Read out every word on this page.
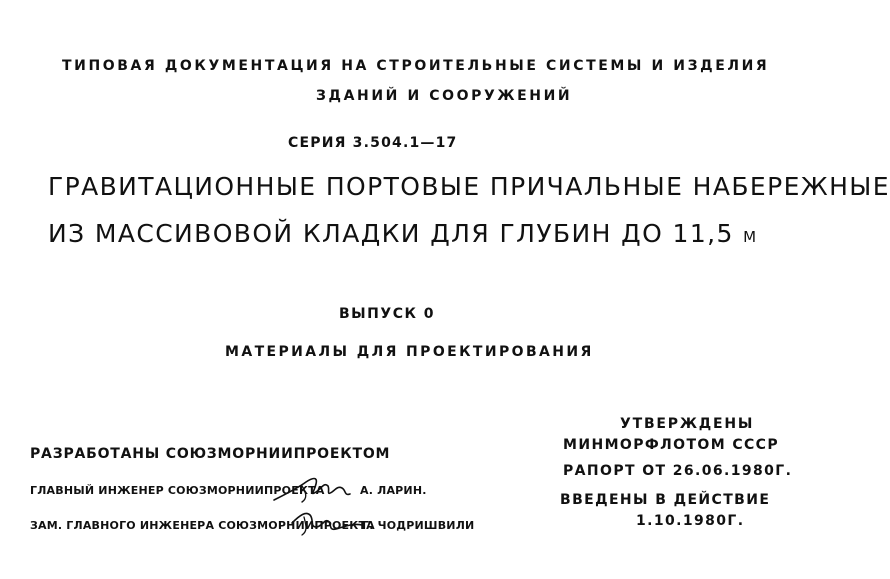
ТИПОВАЯ ДОКУМЕНТАЦИЯ НА СТРОИТЕЛЬНЫЕ СИСТЕМЫ И ИЗДЕЛИЯ
ЗДАНИЙ И СООРУЖЕНИЙ
СЕРИЯ 3.504.1—17
ГРАВИТАЦИОННЫЕ ПОРТОВЫЕ ПРИЧАЛЬНЫЕ НАБЕРЕЖНЫЕ
ИЗ МАССИВОВОЙ КЛАДКИ ДЛЯ ГЛУБИН ДО 11,5 М
ВЫПУСК 0
МАТЕРИАЛЫ ДЛЯ ПРОЕКТИРОВАНИЯ
РАЗРАБОТАНЫ СОЮЗМОРНИИПРОЕКТОМ
ГЛАВНЫЙ ИНЖЕНЕР СОЮЗМОРНИИПРОЕКТА	А. ЛАРИН.
ЗАМ. ГЛАВНОГО ИНЖЕНЕРА СОЮЗМОРНИИПРОЕКТА
Г. ЧОДРИШВИЛИ
УТВЕРЖДЕНЫ
МИНМОРФЛОТОМ СССР
РАПОРТ ОТ 26.06.1980Г.
ВВЕДЕНЫ В ДЕЙСТВИЕ
1.10.1980Г.
